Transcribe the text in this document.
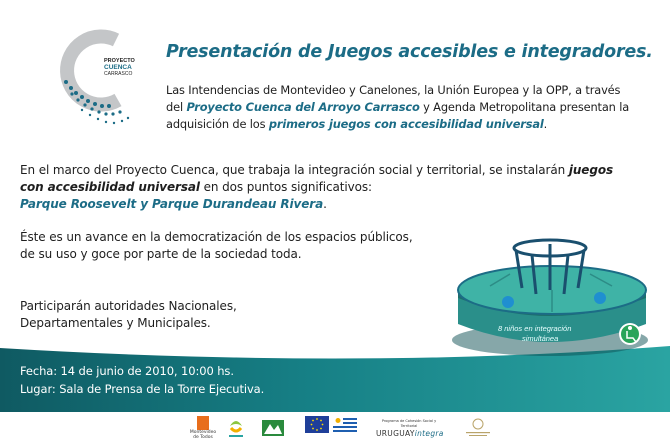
PROYECTO
CUENCA
CARRASCO
Presentación de Juegos accesibles e integradores.
Las Intendencias de Montevideo y Canelones, la Unión Europea y la OPP, a través del Proyecto Cuenca del Arroyo Carrasco y Agenda Metropolitana presentan la adquisición de los primeros juegos con accesibilidad universal.
En el marco del Proyecto Cuenca, que trabaja la integración social y territorial, se instalarán juegos con accesibilidad universal en dos puntos significativos:
Parque Roosevelt y Parque Durandeau Rivera.
Éste es un avance en la democratización de los espacios públicos,
de su uso y goce por parte de la sociedad toda.
Participarán autoridades Nacionales,
Departamentales y Municipales.
Fecha: 14 de junio de 2010, 10:00 hs.
Lugar: Sala de Prensa de la Torre Ejecutiva.
8 niños en integración
simultánea
Montevideo
de Todos
Programa de Cohesión Social y Territorial
URUGUAYintegra
